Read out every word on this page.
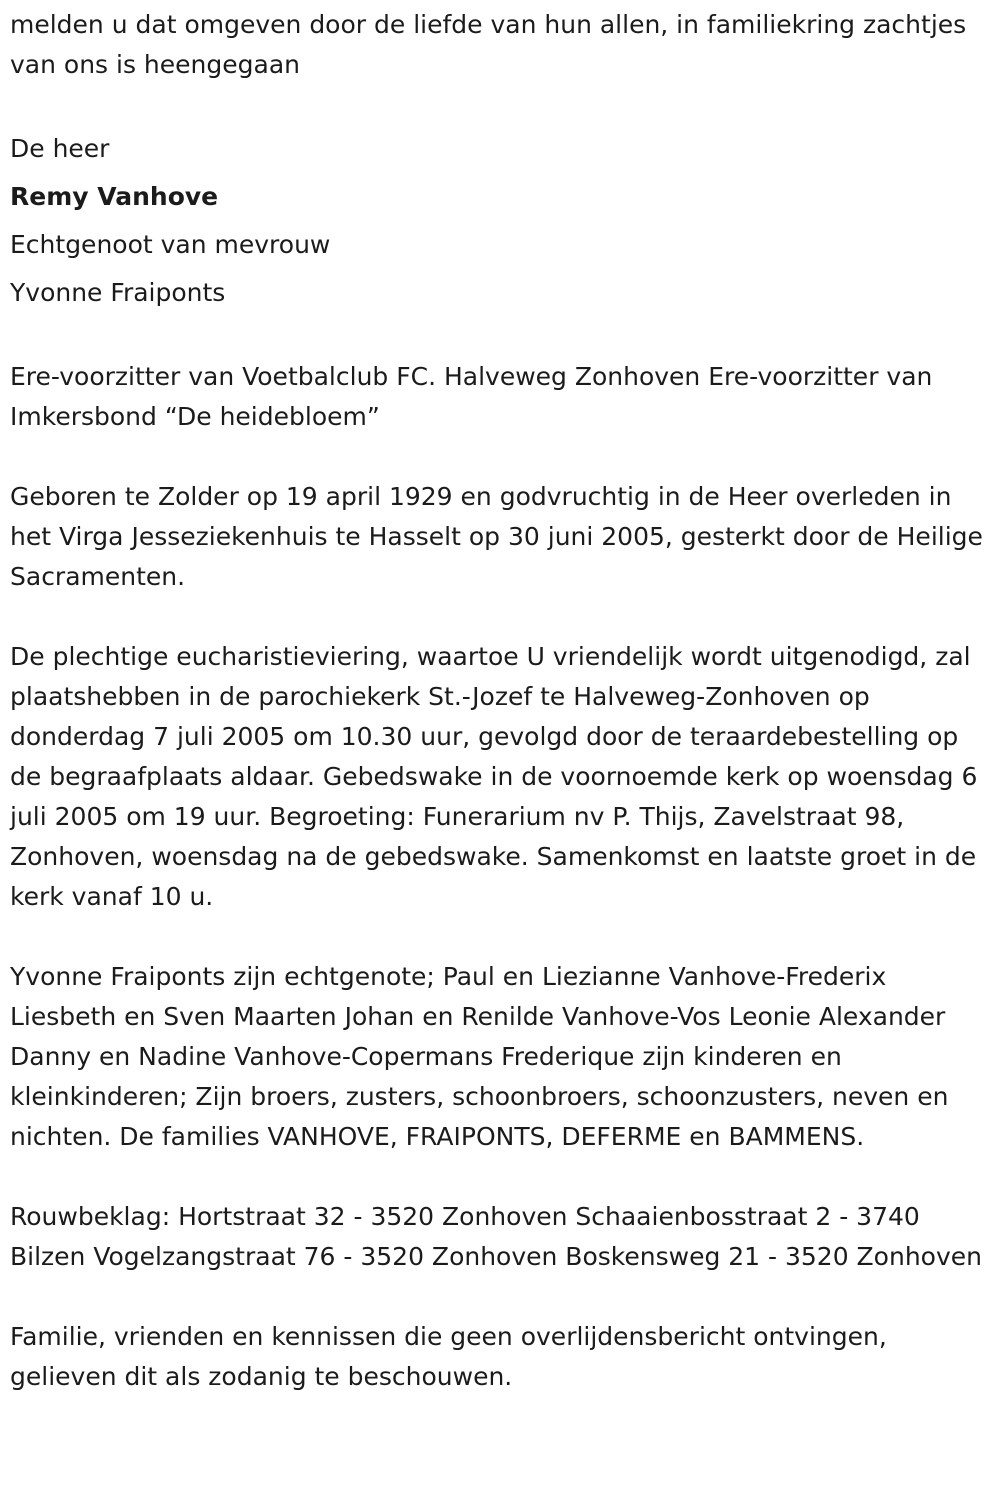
melden u dat omgeven door de liefde van hun allen, in familiekring zachtjes van ons is heengegaan

De heer

Remy Vanhove

Echtgenoot van mevrouw

Yvonne Fraiponts

Ere-voorzitter van Voetbalclub FC. Halveweg Zonhoven Ere-voorzitter van Imkersbond “De heidebloem”

Geboren te Zolder op 19 april 1929 en godvruchtig in de Heer overleden in het Virga Jesseziekenhuis te Hasselt op 30 juni 2005, gesterkt door de Heilige Sacramenten.

De plechtige eucharistieviering, waartoe U vriendelijk wordt uitgenodigd, zal plaatshebben in de parochiekerk St.-Jozef te Halveweg-Zonhoven op donderdag 7 juli 2005 om 10.30 uur, gevolgd door de teraardebestelling op de begraafplaats aldaar. Gebedswake in de voornoemde kerk op woensdag 6 juli 2005 om 19 uur. Begroeting: Funerarium nv P. Thijs, Zavelstraat 98, Zonhoven, woensdag na de gebedswake. Samenkomst en laatste groet in de kerk vanaf 10 u.

Yvonne Fraiponts zijn echtgenote; Paul en Liezianne Vanhove-Frederix Liesbeth en Sven Maarten Johan en Renilde Vanhove-Vos Leonie Alexander Danny en Nadine Vanhove-Copermans Frederique zijn kinderen en kleinkinderen; Zijn broers, zusters, schoonbroers, schoonzusters, neven en nichten. De families VANHOVE, FRAIPONTS, DEFERME en BAMMENS.

Rouwbeklag: Hortstraat 32 - 3520 Zonhoven Schaaienbosstraat 2 - 3740 Bilzen Vogelzangstraat 76 - 3520 Zonhoven Boskensweg 21 - 3520 Zonhoven

Familie, vrienden en kennissen die geen overlijdensbericht ontvingen, gelieven dit als zodanig te beschouwen.
